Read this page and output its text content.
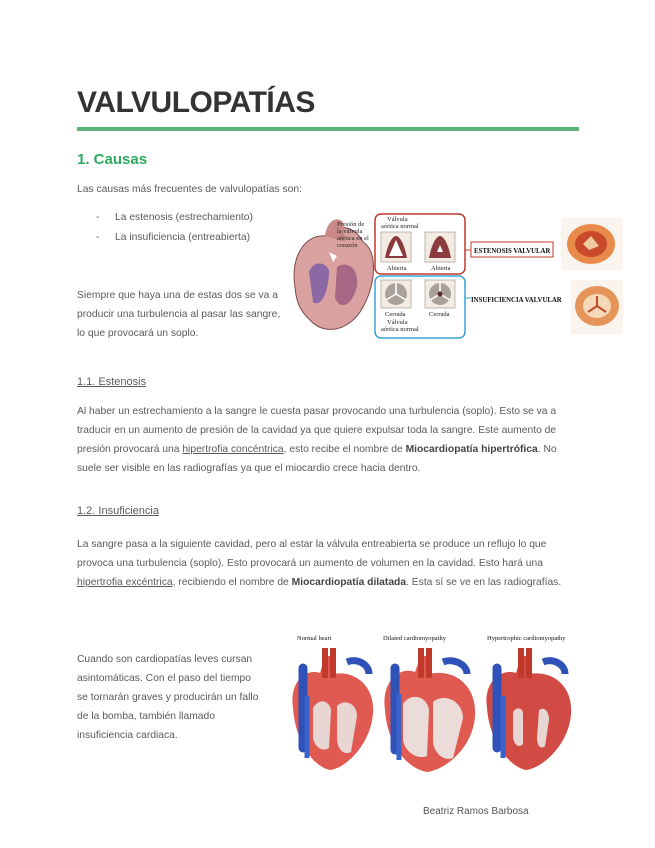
VALVULOPATÍAS
1. Causas
Las causas más frecuentes de valvulopatías son:
- La estenosis (estrechamiento)
- La insuficiencia (entreabierta)
Siempre que haya una de estas dos se va a producir una turbulencia al pasar las sangre, lo que provocará un soplo.
Presión de la válvula aórtica en el corazón
Válvula aórtica normal
Abierta	Abierta
Cerrada	Cerrada
Válvula aórtica normal
ESTENOSIS VALVULAR
INSUFICIENCIA VALVULAR
1.1. Estenosis
Al haber un estrechamiento a la sangre le cuesta pasar provocando una turbulencia (soplo). Esto se va a traducir en un aumento de presión de la cavidad ya que quiere expulsar toda la sangre. Este aumento de presión provocará una hipertrofia concéntrica, esto recibe el nombre de Miocardiopatía hipertrófica. No suele ser visible en las radiografías ya que el miocardio crece hacia dentro.
1.2. Insuficiencia
La sangre pasa a la siguiente cavidad, pero al estar la válvula entreabierta se produce un reflujo lo que provoca una turbulencia (soplo). Esto provocará un aumento de volumen en la cavidad. Esto hará una hipertrofia excéntrica, recibiendo el nombre de Miocardiopatía dilatada. Esta sí se ve en las radiografías.
Cuando son cardiopatías leves cursan asintomáticas. Con el paso del tiempo se tornarán graves y producirán un fallo de la bomba, también llamado insuficiencia cardiaca.
Normal heart	Dilated cardiomyopathy	Hypertrophic cardiomyopathy
Beatriz Ramos Barbosa
